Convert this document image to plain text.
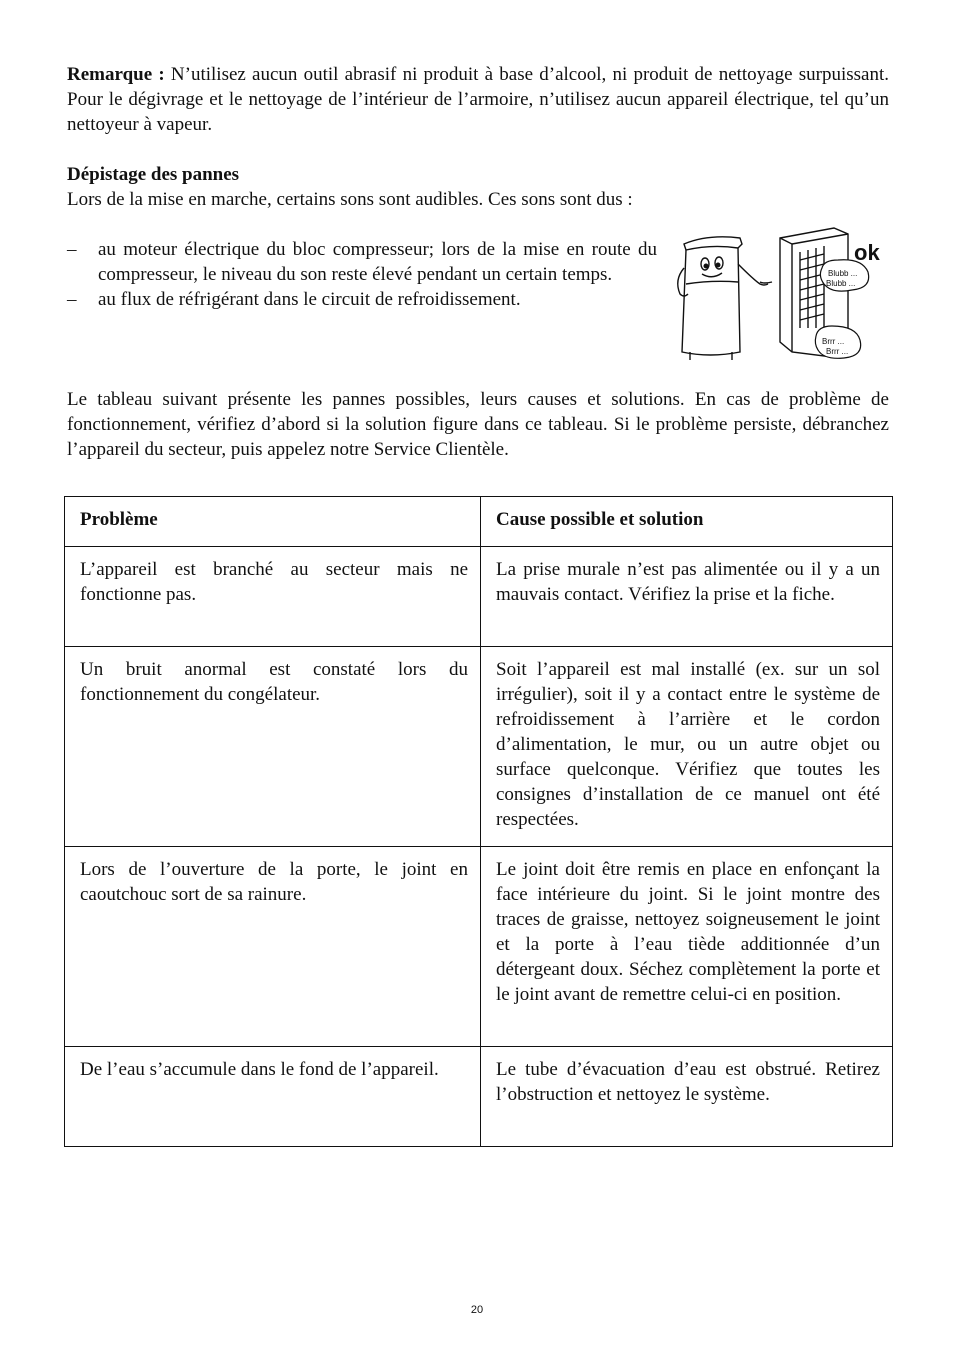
Remarque : N’utilisez aucun outil abrasif ni produit à base d’alcool, ni produit de nettoyage surpuissant. Pour le dégivrage et le nettoyage de l’intérieur de l’armoire, n’utilisez aucun appareil électrique, tel qu’un nettoyeur à vapeur.

Dépistage des pannes

Lors de la mise en marche, certains sons sont audibles. Ces sons sont dus :

– au moteur électrique du bloc compresseur; lors de la mise en route du compresseur, le niveau du son reste élevé pendant un certain temps.
– au flux de réfrigérant dans le circuit de refroidissement.
Blubb ...
Blubb ...
Brrr ...
Brrr ...
ok

Le tableau suivant présente les pannes possibles, leurs causes et solutions. En cas de problème de fonctionnement, vérifiez d’abord si la solution figure dans ce tableau. Si le problème persiste, débranchez l’appareil du secteur, puis appelez notre Service Clientèle.

Problème	Cause possible et solution
L’appareil est branché au secteur mais ne fonctionne pas.	La prise murale n’est pas alimentée ou il y a un mauvais contact. Vérifiez la prise et la fiche.
Un bruit anormal est constaté lors du fonctionnement du congélateur.	Soit l’appareil est mal installé (ex. sur un sol irrégulier), soit il y a contact entre le système de refroidissement à l’arrière et le cordon d’alimentation, le mur, ou un autre objet ou surface quelconque. Vérifiez que toutes les consignes d’installation de ce manuel ont été respectées.
Lors de l’ouverture de la porte, le joint en caoutchouc sort de sa rainure.	Le joint doit être remis en place en enfonçant la face intérieure du joint. Si le joint montre des traces de graisse, nettoyez soigneusement le joint et la porte à l’eau tiède additionnée d’un détergeant doux. Séchez complètement la porte et le joint avant de remettre celui-ci en position.
De l’eau s’accumule dans le fond de l’appareil.	Le tube d’évacuation d’eau est obstrué. Retirez l’obstruction et nettoyez le système.
20
